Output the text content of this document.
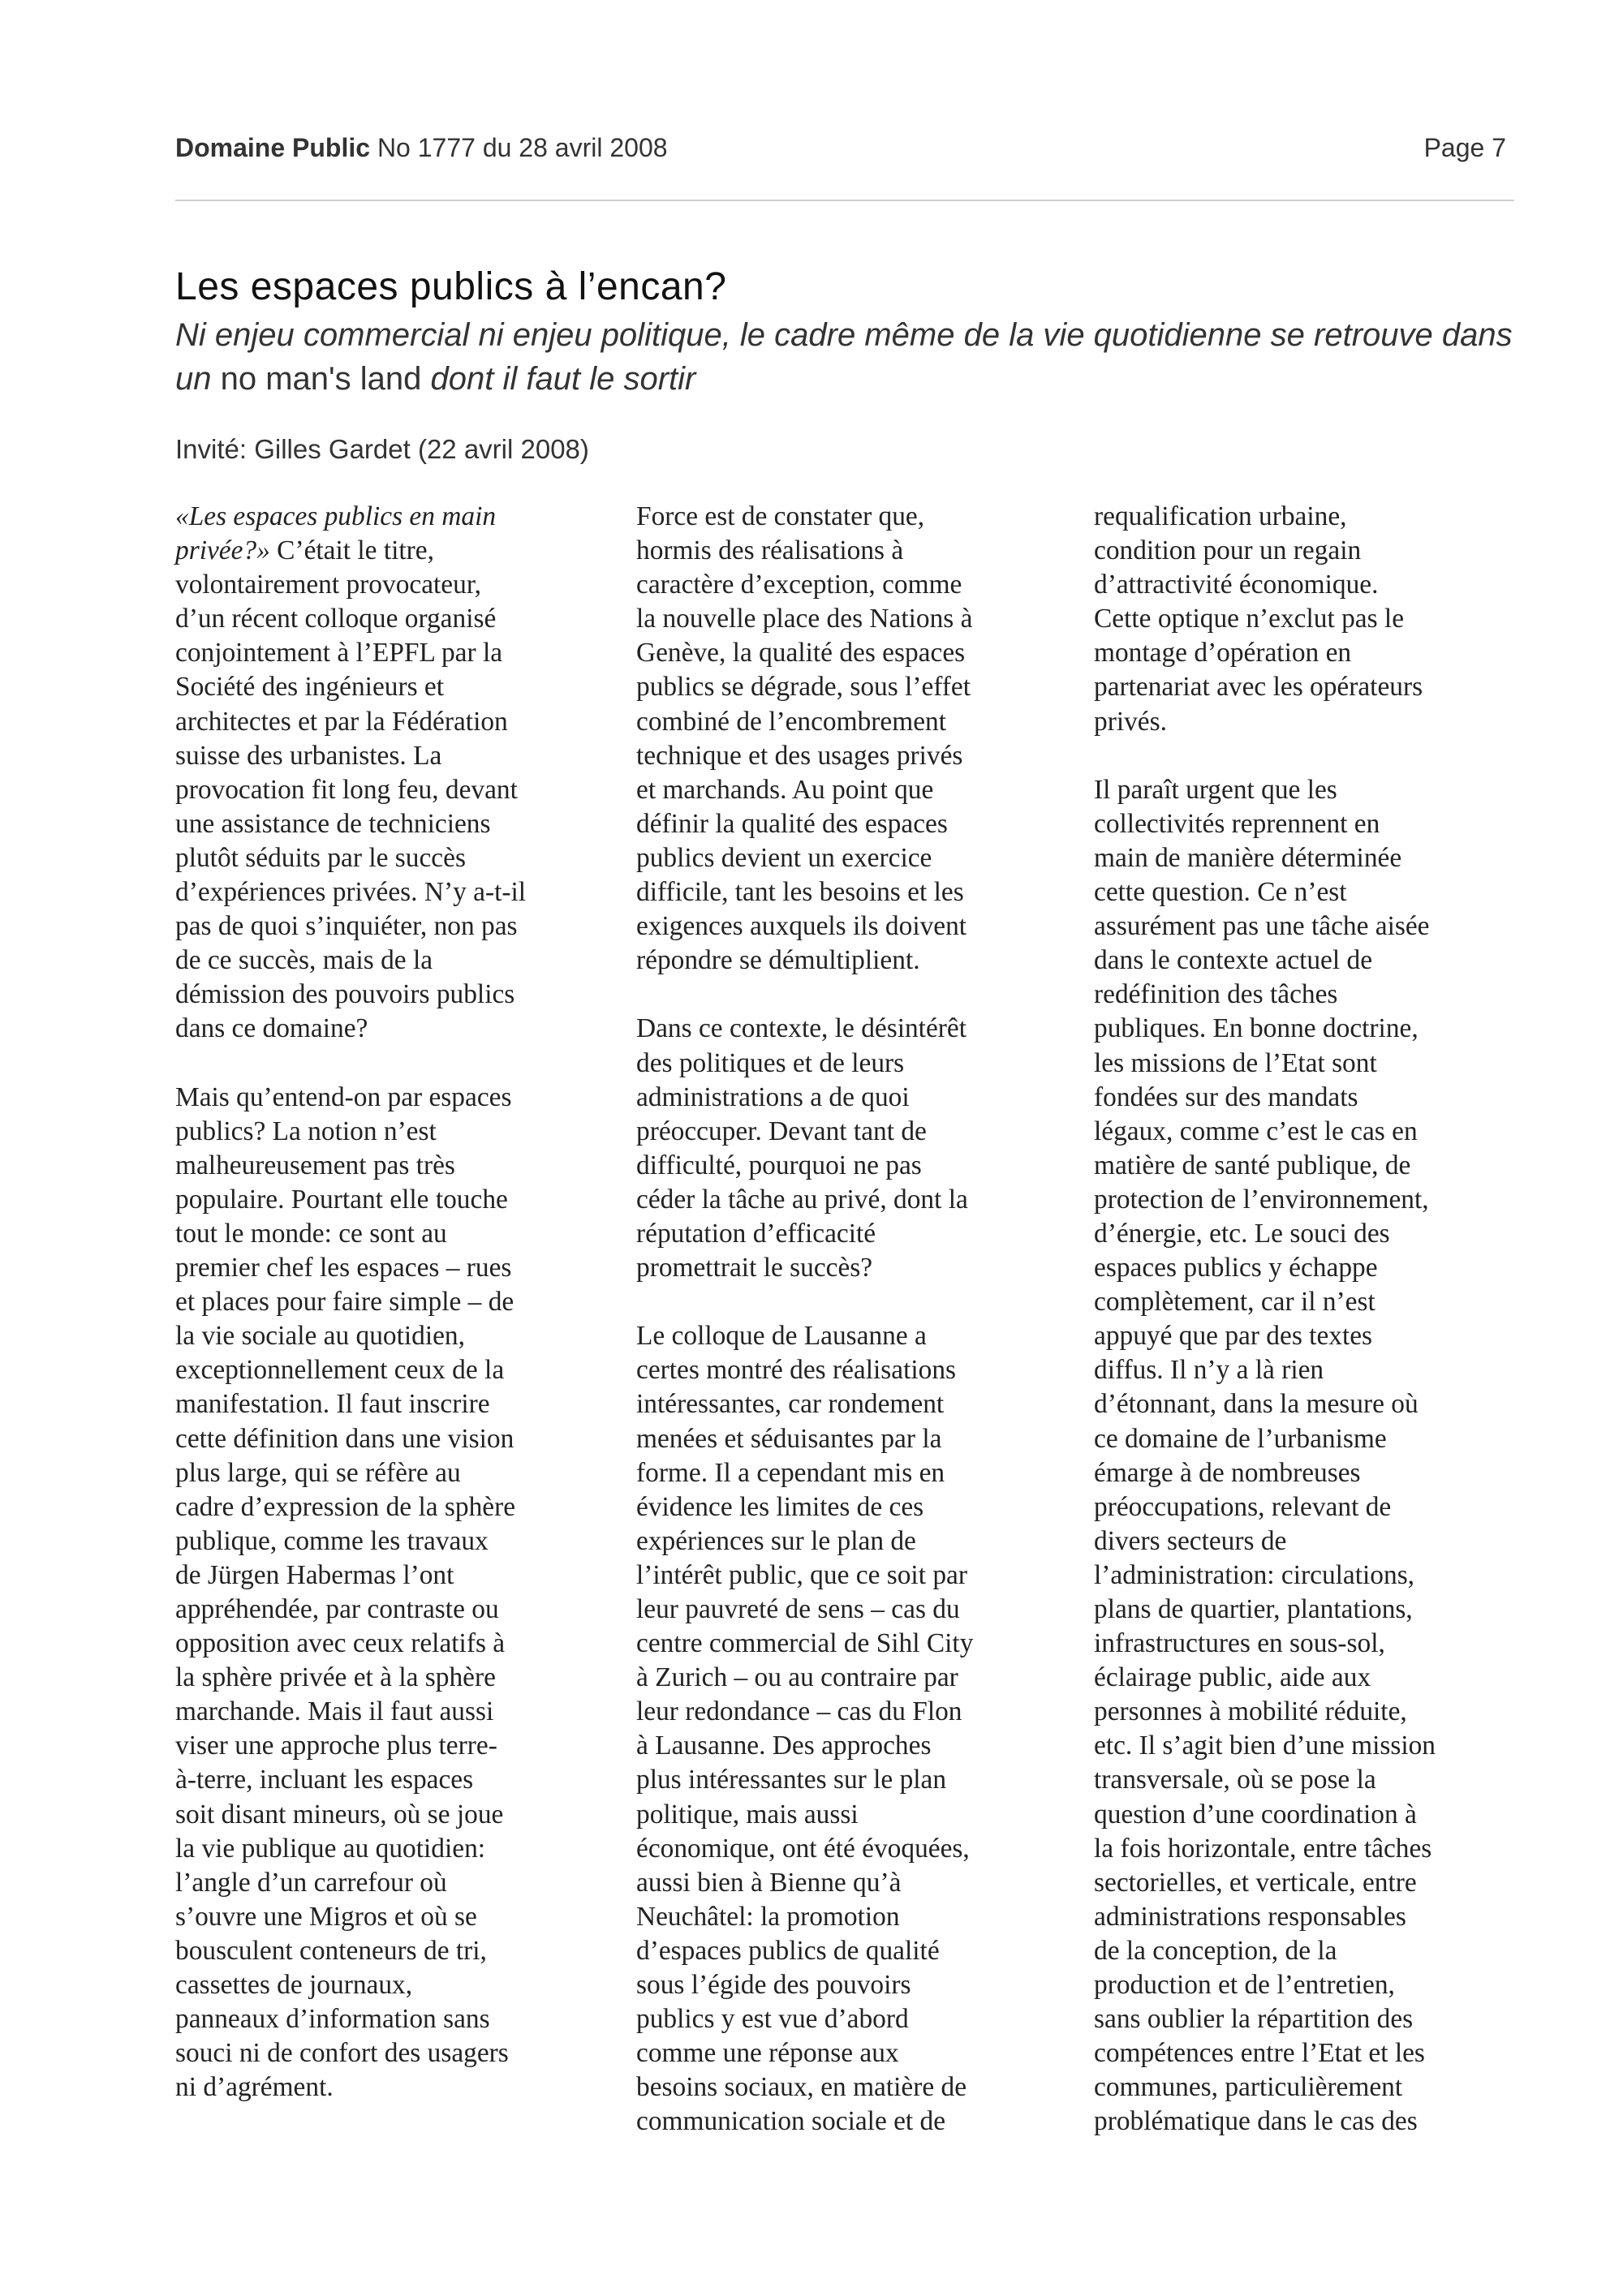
Domaine Public No 1777 du 28 avril 2008	Page 7
Les espaces publics à l’encan?

Ni enjeu commercial ni enjeu politique, le cadre même de la vie quotidienne se retrouve dans un no man's land dont il faut le sortir

Invité: Gilles Gardet (22 avril 2008)
«Les espaces publics en main
privée?» C’était le titre,
volontairement provocateur,
d’un récent colloque organisé
conjointement à l’EPFL par la
Société des ingénieurs et
architectes et par la Fédération
suisse des urbanistes. La
provocation fit long feu, devant
une assistance de techniciens
plutôt séduits par le succès
d’expériences privées. N’y a-t-il
pas de quoi s’inquiéter, non pas
de ce succès, mais de la
démission des pouvoirs publics
dans ce domaine?
Mais qu’entend-on par espaces
publics? La notion n’est
malheureusement pas très
populaire. Pourtant elle touche
tout le monde: ce sont au
premier chef les espaces – rues
et places pour faire simple – de
la vie sociale au quotidien,
exceptionnellement ceux de la
manifestation. Il faut inscrire
cette définition dans une vision
plus large, qui se réfère au
cadre d’expression de la sphère
publique, comme les travaux
de Jürgen Habermas l’ont
appréhendée, par contraste ou
opposition avec ceux relatifs à
la sphère privée et à la sphère
marchande. Mais il faut aussi
viser une approche plus terre-
à-terre, incluant les espaces
soit disant mineurs, où se joue
la vie publique au quotidien:
l’angle d’un carrefour où
s’ouvre une Migros et où se
bousculent conteneurs de tri,
cassettes de journaux,
panneaux d’information sans
souci ni de confort des usagers
ni d’agrément.
Force est de constater que,
hormis des réalisations à
caractère d’exception, comme
la nouvelle place des Nations à
Genève, la qualité des espaces
publics se dégrade, sous l’effet
combiné de l’encombrement
technique et des usages privés
et marchands. Au point que
définir la qualité des espaces
publics devient un exercice
difficile, tant les besoins et les
exigences auxquels ils doivent
répondre se démultiplient.
Dans ce contexte, le désintérêt
des politiques et de leurs
administrations a de quoi
préoccuper. Devant tant de
difficulté, pourquoi ne pas
céder la tâche au privé, dont la
réputation d’efficacité
promettrait le succès?
Le colloque de Lausanne a
certes montré des réalisations
intéressantes, car rondement
menées et séduisantes par la
forme. Il a cependant mis en
évidence les limites de ces
expériences sur le plan de
l’intérêt public, que ce soit par
leur pauvreté de sens – cas du
centre commercial de Sihl City
à Zurich – ou au contraire par
leur redondance – cas du Flon
à Lausanne. Des approches
plus intéressantes sur le plan
politique, mais aussi
économique, ont été évoquées,
aussi bien à Bienne qu’à
Neuchâtel: la promotion
d’espaces publics de qualité
sous l’égide des pouvoirs
publics y est vue d’abord
comme une réponse aux
besoins sociaux, en matière de
communication sociale et de
requalification urbaine,
condition pour un regain
d’attractivité économique.
Cette optique n’exclut pas le
montage d’opération en
partenariat avec les opérateurs
privés.
Il paraît urgent que les
collectivités reprennent en
main de manière déterminée
cette question. Ce n’est
assurément pas une tâche aisée
dans le contexte actuel de
redéfinition des tâches
publiques. En bonne doctrine,
les missions de l’Etat sont
fondées sur des mandats
légaux, comme c’est le cas en
matière de santé publique, de
protection de l’environnement,
d’énergie, etc. Le souci des
espaces publics y échappe
complètement, car il n’est
appuyé que par des textes
diffus. Il n’y a là rien
d’étonnant, dans la mesure où
ce domaine de l’urbanisme
émarge à de nombreuses
préoccupations, relevant de
divers secteurs de
l’administration: circulations,
plans de quartier, plantations,
infrastructures en sous-sol,
éclairage public, aide aux
personnes à mobilité réduite,
etc. Il s’agit bien d’une mission
transversale, où se pose la
question d’une coordination à
la fois horizontale, entre tâches
sectorielles, et verticale, entre
administrations responsables
de la conception, de la
production et de l’entretien,
sans oublier la répartition des
compétences entre l’Etat et les
communes, particulièrement
problématique dans le cas des
